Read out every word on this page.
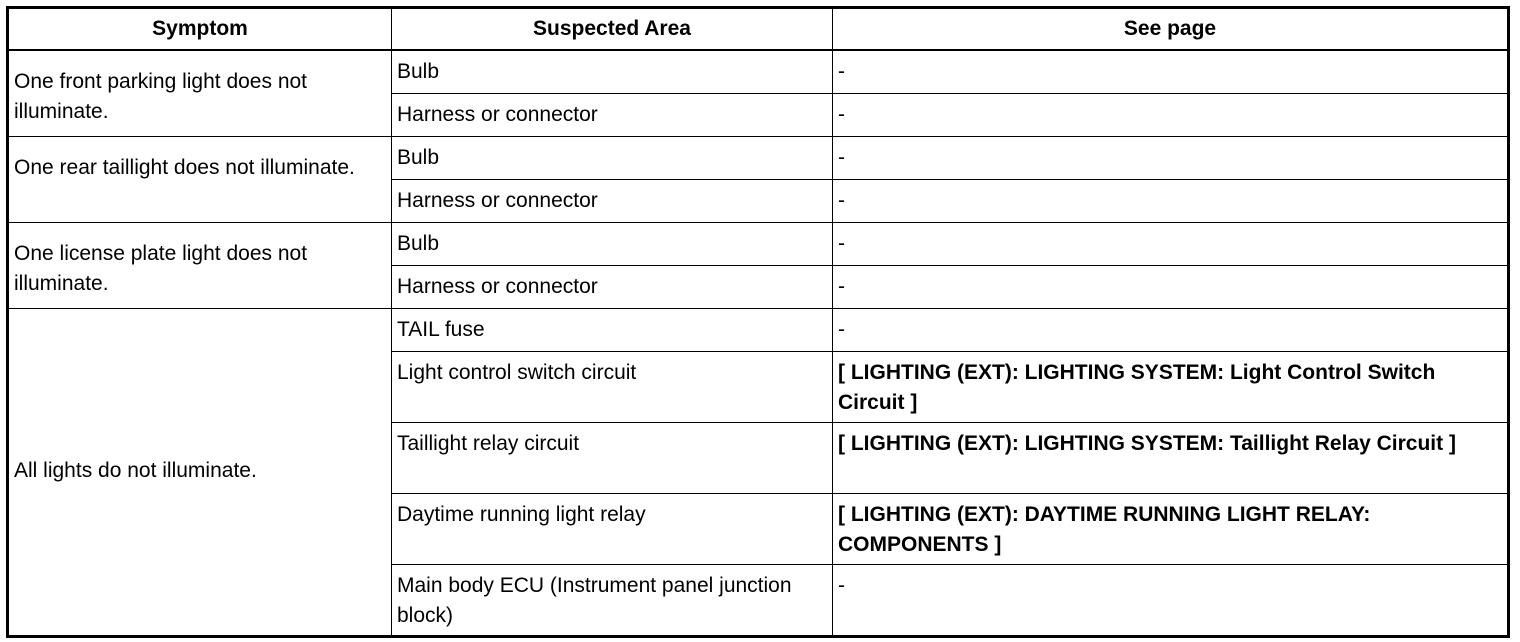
Symptom	Suspected Area	See page
One front parking light does not illuminate.	Bulb	-
	Harness or connector	-
One rear taillight does not illuminate.	Bulb	-
	Harness or connector	-
One license plate light does not illuminate.	Bulb	-
	Harness or connector	-
All lights do not illuminate.	TAIL fuse	-
	Light control switch circuit	[ LIGHTING (EXT): LIGHTING SYSTEM: Light Control Switch Circuit ]
	Taillight relay circuit	[ LIGHTING (EXT): LIGHTING SYSTEM: Taillight Relay Circuit ]
	Daytime running light relay	[ LIGHTING (EXT): DAYTIME RUNNING LIGHT RELAY: COMPONENTS ]
	Main body ECU (Instrument panel junction block)	-
